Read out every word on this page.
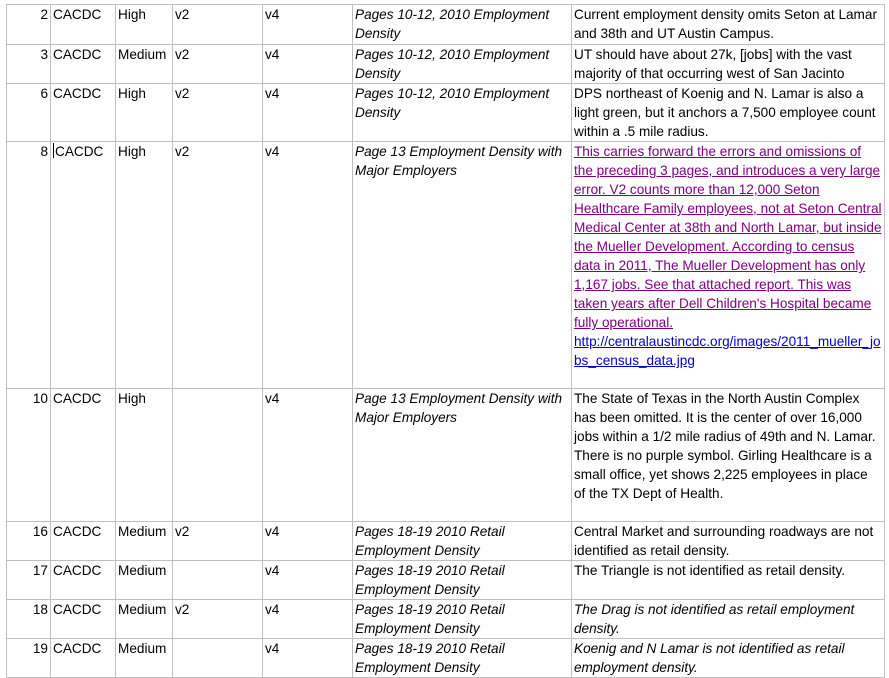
2	CACDC	High	v2	v4	Pages 10-12, 2010 Employment Density	Current employment density omits Seton at Lamar and 38th and UT Austin Campus.
3	CACDC	Medium	v2	v4	Pages 10-12, 2010 Employment Density	UT should have about 27k, [jobs] with the vast majority of that occurring west of San Jacinto
6	CACDC	High	v2	v4	Pages 10-12, 2010 Employment Density	DPS northeast of Koenig and N. Lamar is also a light green, but it anchors a 7,500 employee count within a .5 mile radius.
8	CACDC	High	v2	v4	Page 13 Employment Density with Major Employers	This carries forward the errors and omissions of the preceding 3 pages, and introduces a very large error. V2 counts more than 12,000 Seton Healthcare Family employees, not at Seton Central Medical Center at 38th and North Lamar, but inside the Mueller Development. According to census data in 2011, The Mueller Development has only 1,167 jobs. See that attached report. This was taken years after Dell Children's Hospital became fully operational.
http://centralaustincdc.org/images/2011_mueller_jobs_census_data.jpg
10	CACDC	High		v4	Page 13 Employment Density with Major Employers	The State of Texas in the North Austin Complex has been omitted. It is the center of over 16,000 jobs within a 1/2 mile radius of 49th and N. Lamar. There is no purple symbol. Girling Healthcare is a small office, yet shows 2,225 employees in place of the TX Dept of Health.
16	CACDC	Medium	v2	v4	Pages 18-19 2010 Retail Employment Density	Central Market and surrounding roadways are not identified as retail density.
17	CACDC	Medium		v4	Pages 18-19 2010 Retail Employment Density	The Triangle is not identified as retail density.
18	CACDC	Medium	v2	v4	Pages 18-19 2010 Retail Employment Density	The Drag is not identified as retail employment density.
19	CACDC	Medium		v4	Pages 18-19 2010 Retail Employment Density	Koenig and N Lamar is not identified as retail employment density.
